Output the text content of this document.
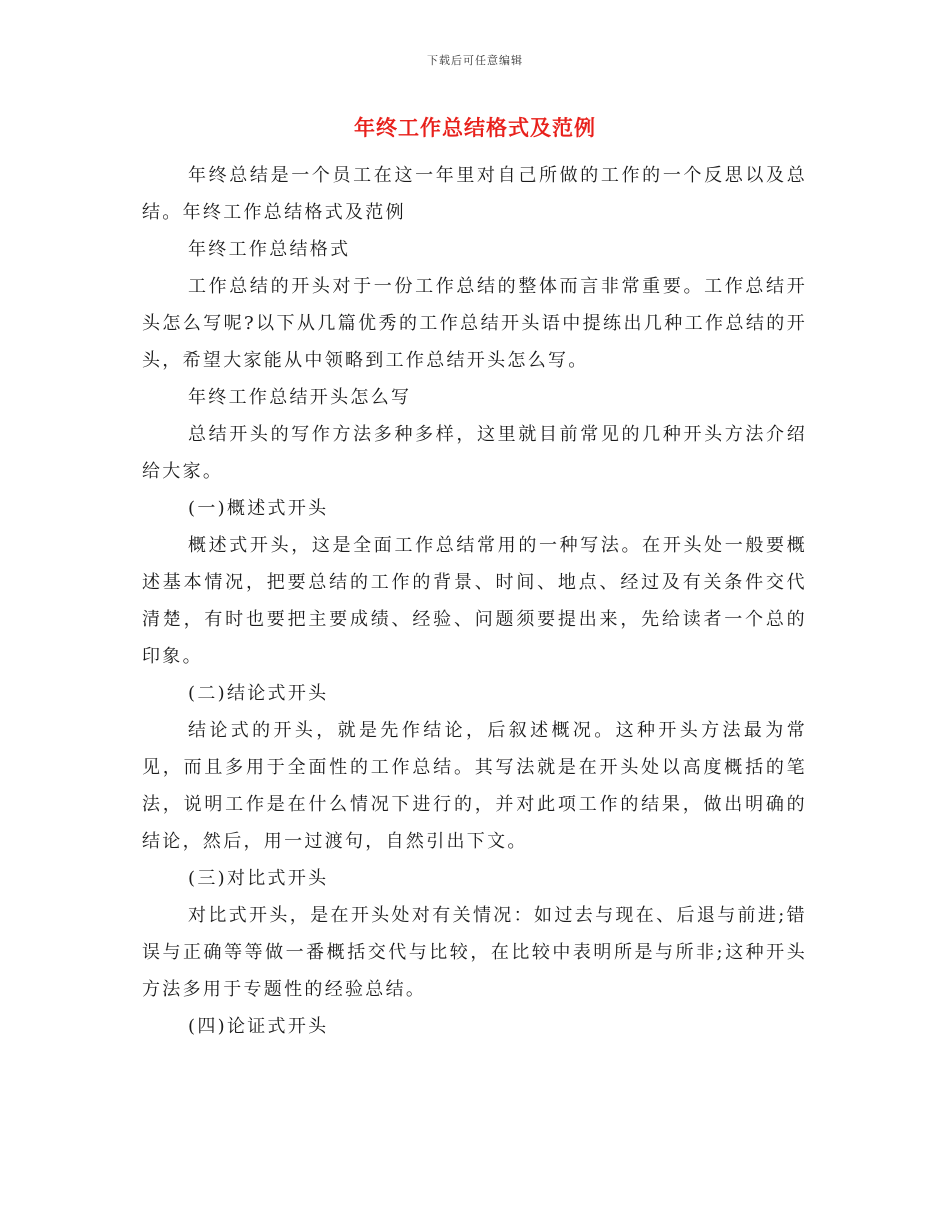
下载后可任意编辑
年终工作总结格式及范例

年终总结是一个员工在这一年里对自己所做的工作的一个反思以及总结。年终工作总结格式及范例

年终工作总结格式

工作总结的开头对于一份工作总结的整体而言非常重要。工作总结开头怎么写呢?以下从几篇优秀的工作总结开头语中提练出几种工作总结的开头，希望大家能从中领略到工作总结开头怎么写。

年终工作总结开头怎么写

总结开头的写作方法多种多样，这里就目前常见的几种开头方法介绍给大家。

(一)概述式开头

概述式开头，这是全面工作总结常用的一种写法。在开头处一般要概述基本情况，把要总结的工作的背景、时间、地点、经过及有关条件交代清楚，有时也要把主要成绩、经验、问题须要提出来，先给读者一个总的印象。

(二)结论式开头

结论式的开头，就是先作结论，后叙述概况。这种开头方法最为常见，而且多用于全面性的工作总结。其写法就是在开头处以高度概括的笔法，说明工作是在什么情况下进行的，并对此项工作的结果，做出明确的结论，然后，用一过渡句，自然引出下文。

(三)对比式开头

对比式开头，是在开头处对有关情况：如过去与现在、后退与前进;错误与正确等等做一番概括交代与比较，在比较中表明所是与所非;这种开头方法多用于专题性的经验总结。

(四)论证式开头
